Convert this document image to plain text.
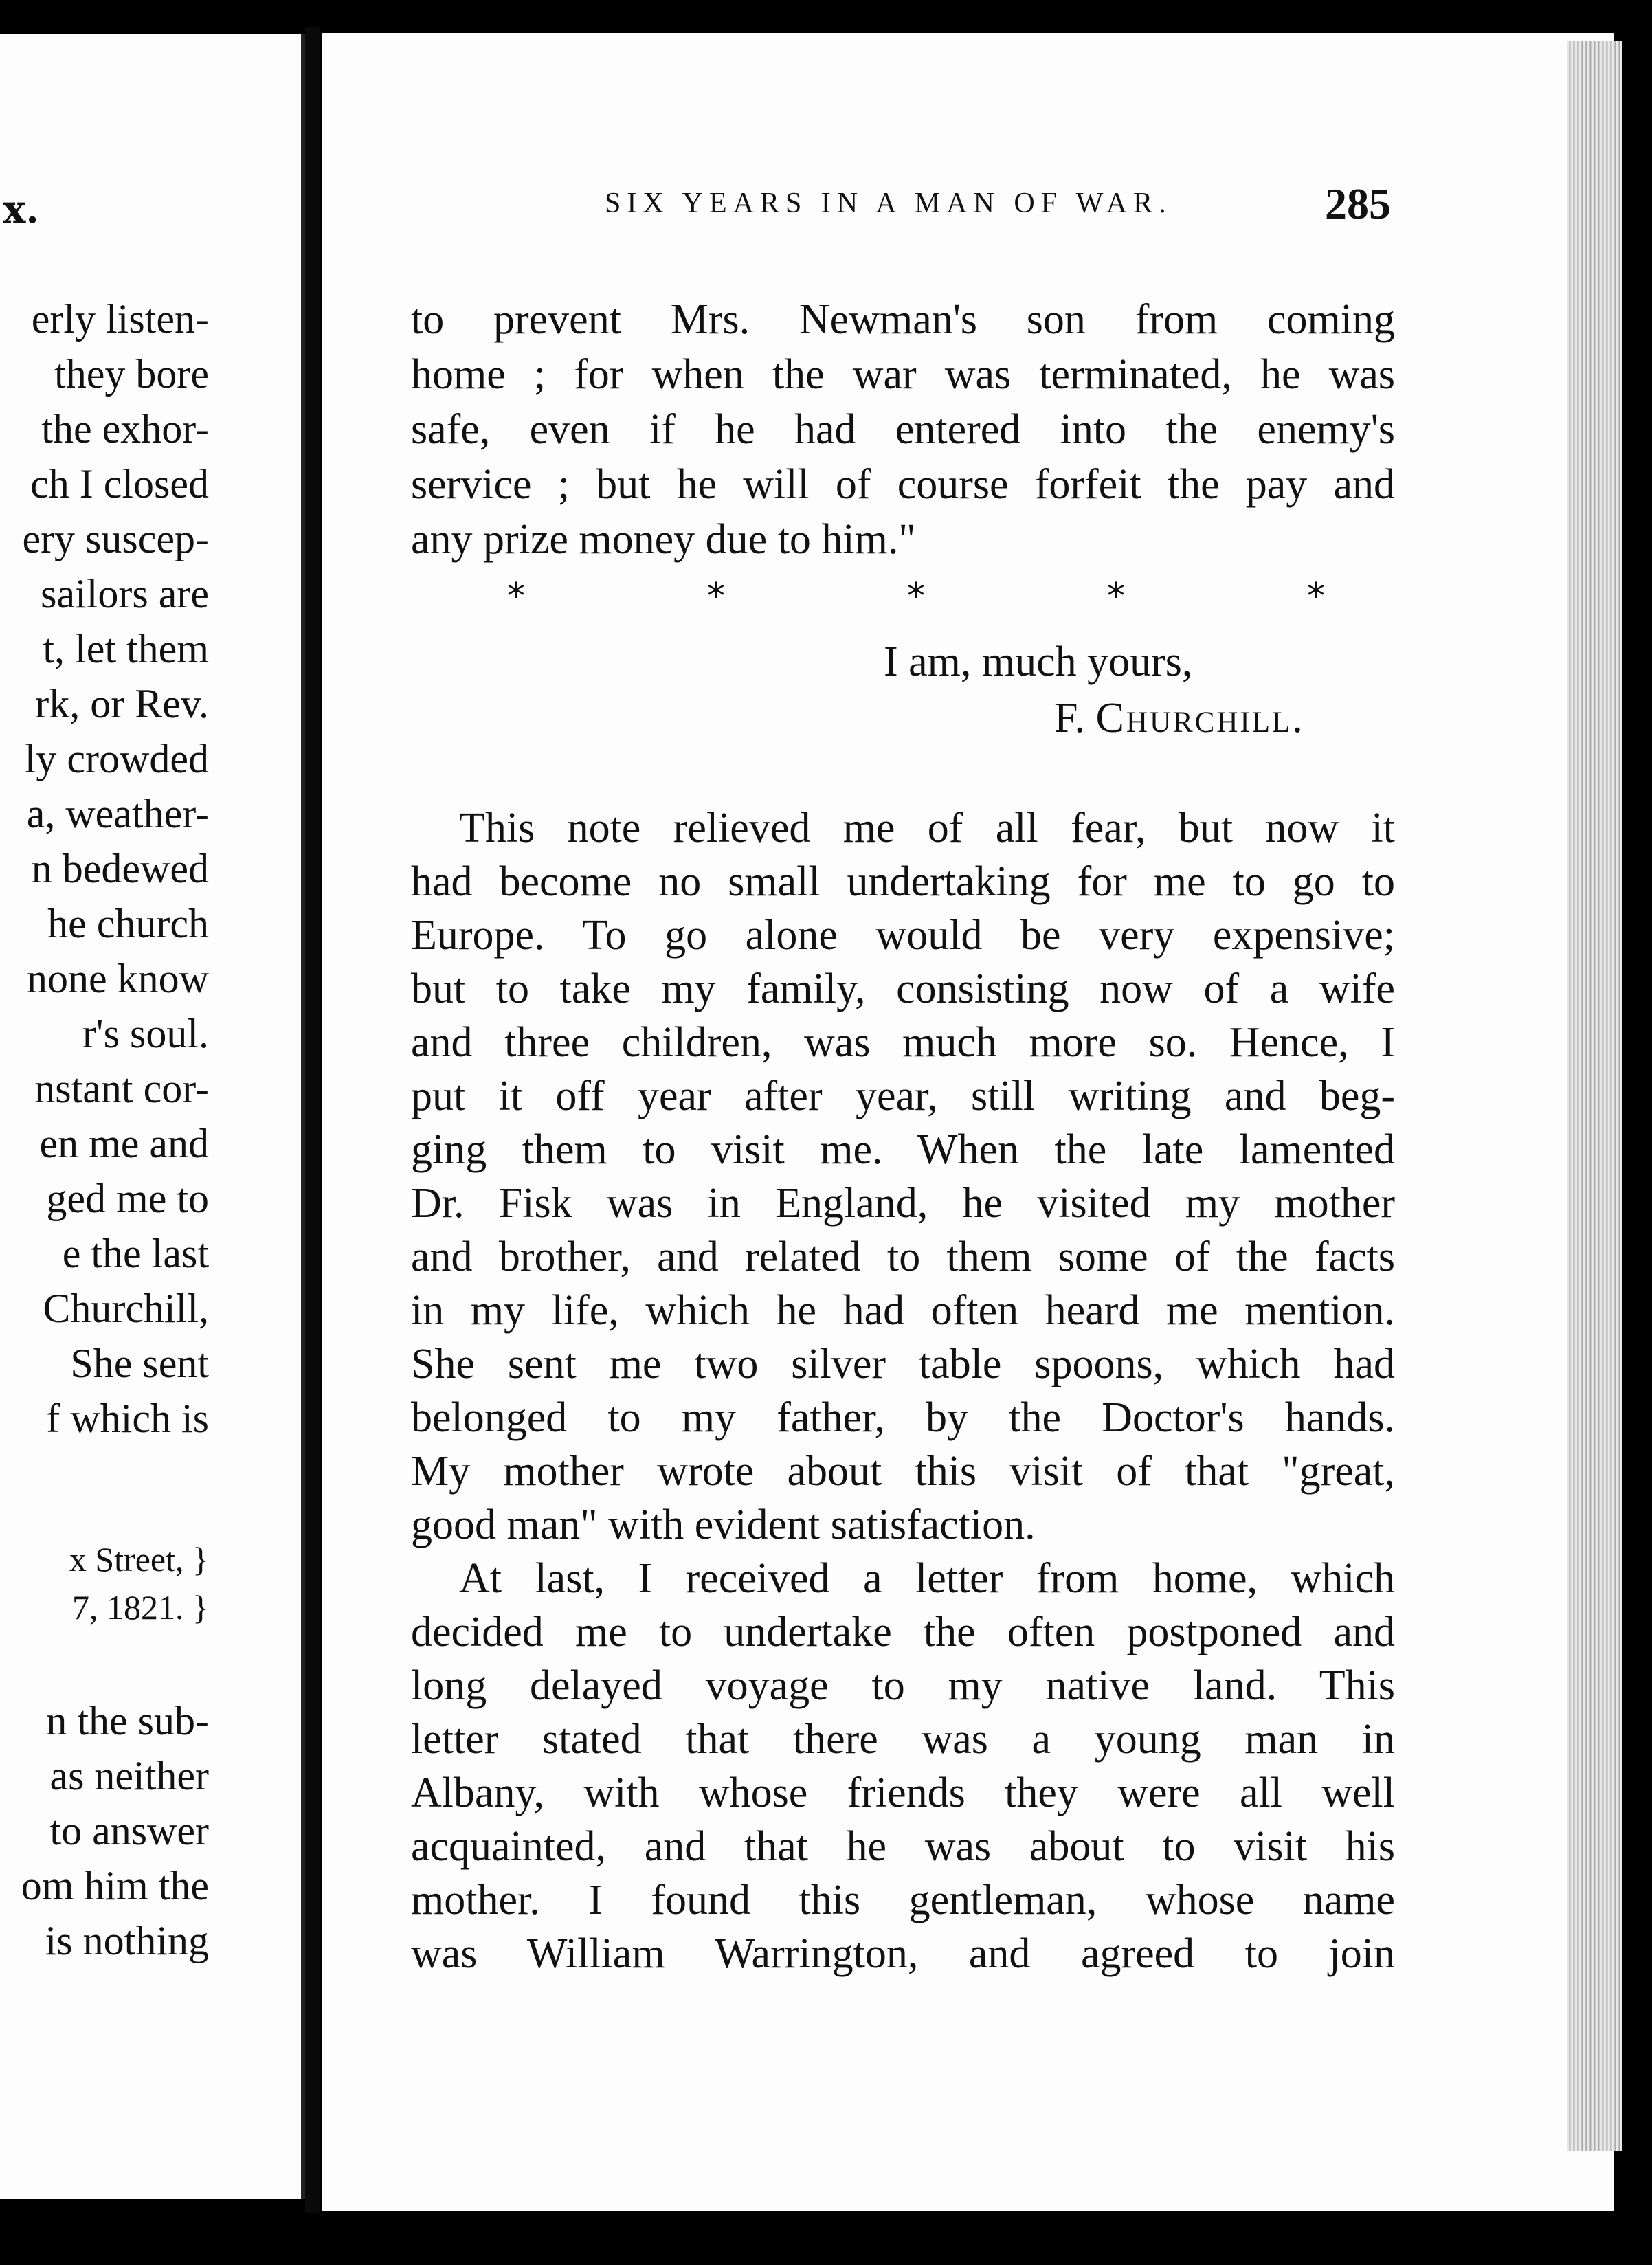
x.
erly listen-
they bore
the exhor-
ch I closed
ery suscep-
sailors are
t, let them
rk, or Rev.
ly crowded
a, weather-
n bedewed
he church
none know
r's soul.
nstant cor-
en me and
ged me to
e the last
Churchill,
She sent
f which is
x Street, }
7, 1821. }
n the sub-
as neither
to answer
om him the
is nothing
SIX YEARS IN A MAN OF WAR.	285
to prevent Mrs. Newman's son from coming
home ; for when the war was terminated, he was
safe, even if he had entered into the enemy's
service ; but he will of course forfeit the pay and
any prize money due to him."
*	*	*	*	*
I am, much yours,
F. Churchill.
This note relieved me of all fear, but now it
had become no small undertaking for me to go to
Europe. To go alone would be very expensive;
but to take my family, consisting now of a wife
and three children, was much more so. Hence, I
put it off year after year, still writing and beg-
ging them to visit me. When the late lamented
Dr. Fisk was in England, he visited my mother
and brother, and related to them some of the facts
in my life, which he had often heard me mention.
She sent me two silver table spoons, which had
belonged to my father, by the Doctor's hands.
My mother wrote about this visit of that "great,
good man" with evident satisfaction.
At last, I received a letter from home, which
decided me to undertake the often postponed and
long delayed voyage to my native land. This
letter stated that there was a young man in
Albany, with whose friends they were all well
acquainted, and that he was about to visit his
mother. I found this gentleman, whose name
was William Warrington, and agreed to join
